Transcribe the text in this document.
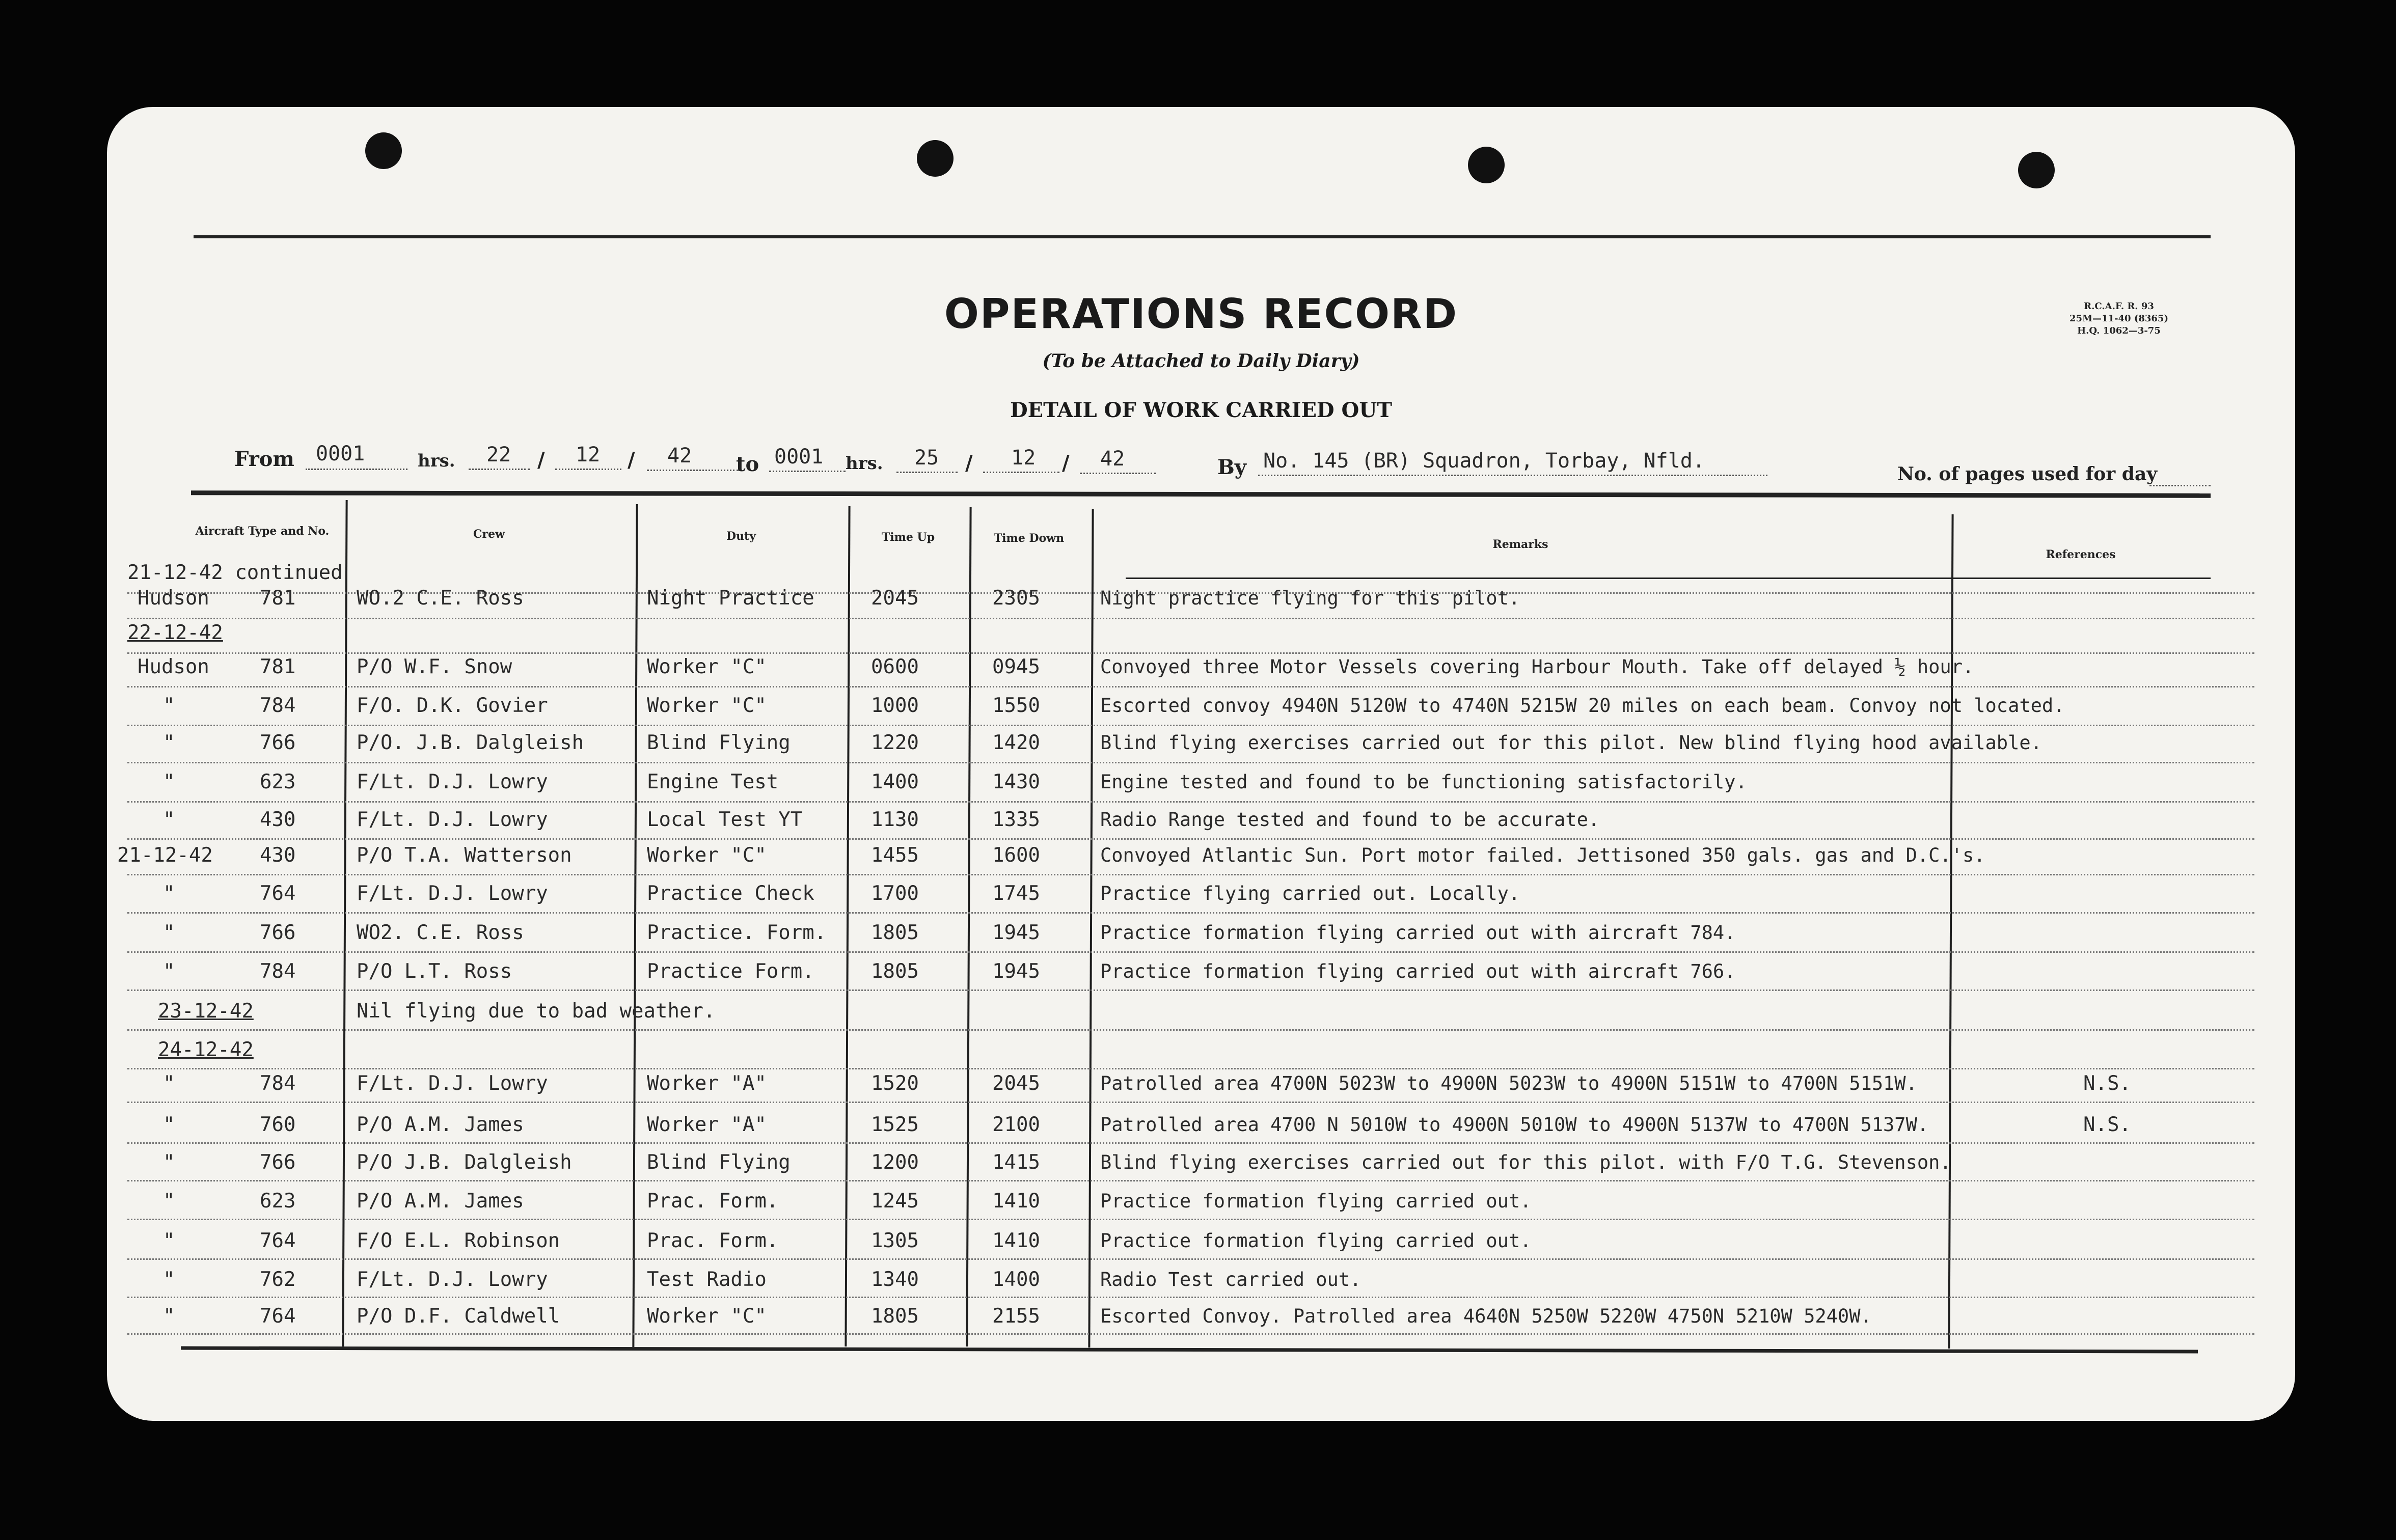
OPERATIONS RECORD
(To be Attached to Daily Diary)
DETAIL OF WORK CARRIED OUT
R.C.A.F. R. 93
25M—11-40 (8365)
H.Q. 1062—3-75
From 0001	hrs. 22 / 12 / 42 to 0001 hrs. 25 / 12 / 42	By No. 145 (BR) Squadron, Torbay, Nfld.
No. of pages used for day
Aircraft Type and No.	Crew	Duty	Time Up	Time Down	Remarks
References
21-12-42 continued
Hudson	781	WO.2 C.E. Ross	Night Practice	2045	2305	Night practice flying for this pilot.
22-12-42
Hudson	781	P/O W.F. Snow	Worker "C"	0600	0945	Convoyed three Motor Vessels covering Harbour Mouth. Take off delayed ½ hour.
"	784	F/O. D.K. Govier	Worker "C"	1000	1550	Escorted convoy 4940N 5120W to 4740N 5215W 20 miles on each beam. Convoy not located.
"	766	P/O. J.B. Dalgleish	Blind Flying	1220	1420	Blind flying exercises carried out for this pilot. New blind flying hood available.
"	623	F/Lt. D.J. Lowry	Engine Test	1400	1430	Engine tested and found to be functioning satisfactorily.
"	430	F/Lt. D.J. Lowry	Local Test YT	1130	1335	Radio Range tested and found to be accurate.
21-12-42 430	P/O T.A. Watterson	Worker "C"	1455	1600	Convoyed Atlantic Sun. Port motor failed. Jettisoned 350 gals. gas and D.C.'s.
"	764	F/Lt. D.J. Lowry	Practice Check	1700	1745	Practice flying carried out. Locally.
"	766	WO2. C.E. Ross	Practice. Form. 1805	1945	Practice formation flying carried out with aircraft 784.
"	784	P/O L.T. Ross	Practice Form.	1805	1945	Practice formation flying carried out with aircraft 766.
23-12-42	Nil flying due to bad weather.
24-12-42
"	784	F/Lt. D.J. Lowry	Worker "A"	1520	2045	Patrolled area 4700N 5023W to 4900N 5023W to 4900N 5151W to 4700N 5151W.	N.S.
"	760	P/O A.M. James	Worker "A"	1525	2100	Patrolled area 4700 N 5010W to 4900N 5010W to 4900N 5137W to 4700N 5137W.	N.S.
"	766	P/O J.B. Dalgleish	Blind Flying	1200	1415	Blind flying exercises carried out for this pilot. with F/O T.G. Stevenson.
"	623	P/O A.M. James	Prac. Form.	1245	1410	Practice formation flying carried out.
"	764	F/O E.L. Robinson	Prac. Form.	1305	1410	Practice formation flying carried out.
"	762	F/Lt. D.J. Lowry	Test Radio	1340	1400	Radio Test carried out.
"	764	P/O D.F. Caldwell	Worker "C"	1805	2155	Escorted Convoy. Patrolled area 4640N 5250W 5220W 4750N 5210W 5240W.
